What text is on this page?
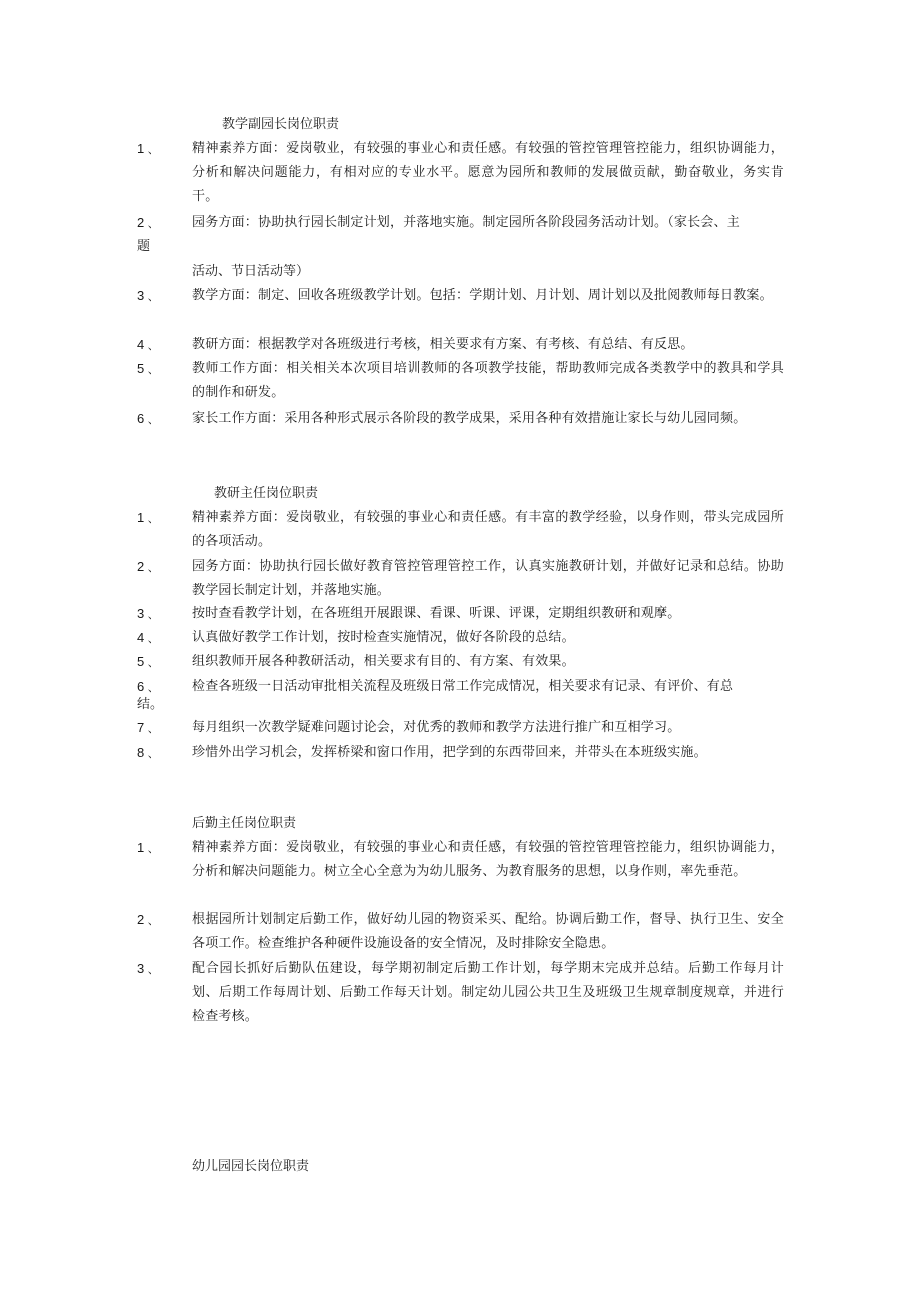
教学副园长岗位职责
1 、	精神素养方面：爱岗敬业，有较强的事业心和责任感。有较强的管控管理管控能力，组织协调能力，分析和解决问题能力，有相对应的专业水平。愿意为园所和教师的发展做贡献，勤奋敬业，务实肯干。
2 、	园务方面：协助执行园长制定计划，并落地实施。制定园所各阶段园务活动计划。（家长会、主
题
活动、节日活动等）
3 、	教学方面：制定、回收各班级教学计划。包括：学期计划、月计划、周计划以及批阅教师每日教案。
4 、	教研方面：根据教学对各班级进行考核，相关要求有方案、有考核、有总结、有反思。
5 、	教师工作方面：相关相关本次项目培训教师的各项教学技能，帮助教师完成各类教学中的教具和学具的制作和研发。
6 、	家长工作方面：采用各种形式展示各阶段的教学成果，采用各种有效措施让家长与幼儿园同频。
教研主任岗位职责
1 、	精神素养方面：爱岗敬业，有较强的事业心和责任感。有丰富的教学经验，以身作则，带头完成园所的各项活动。
2 、	园务方面：协助执行园长做好教育管控管理管控工作，认真实施教研计划，并做好记录和总结。协助教学园长制定计划，并落地实施。
3 、	按时查看教学计划，在各班组开展跟课、看课、听课、评课，定期组织教研和观摩。
4 、	认真做好教学工作计划，按时检查实施情况，做好各阶段的总结。
5 、	组织教师开展各种教研活动，相关要求有目的、有方案、有效果。
6 、	检查各班级一日活动审批相关流程及班级日常工作完成情况，相关要求有记录、有评价、有总
结。
7 、	每月组织一次教学疑难问题讨论会，对优秀的教师和教学方法进行推广和互相学习。
8 、	珍惜外出学习机会，发挥桥梁和窗口作用，把学到的东西带回来，并带头在本班级实施。
后勤主任岗位职责
1 、	精神素养方面：爱岗敬业，有较强的事业心和责任感，有较强的管控管理管控能力，组织协调能力，分析和解决问题能力。树立全心全意为为幼儿服务、为教育服务的思想，以身作则，率先垂范。
2 、	根据园所计划制定后勤工作，做好幼儿园的物资采买、配给。协调后勤工作，督导、执行卫生、安全各项工作。检查维护各种硬件设施设备的安全情况，及时排除安全隐患。
3 、	配合园长抓好后勤队伍建设，每学期初制定后勤工作计划，每学期末完成并总结。后勤工作每月计划、后期工作每周计划、后勤工作每天计划。制定幼儿园公共卫生及班级卫生规章制度规章，并进行检查考核。
幼儿园园长岗位职责
